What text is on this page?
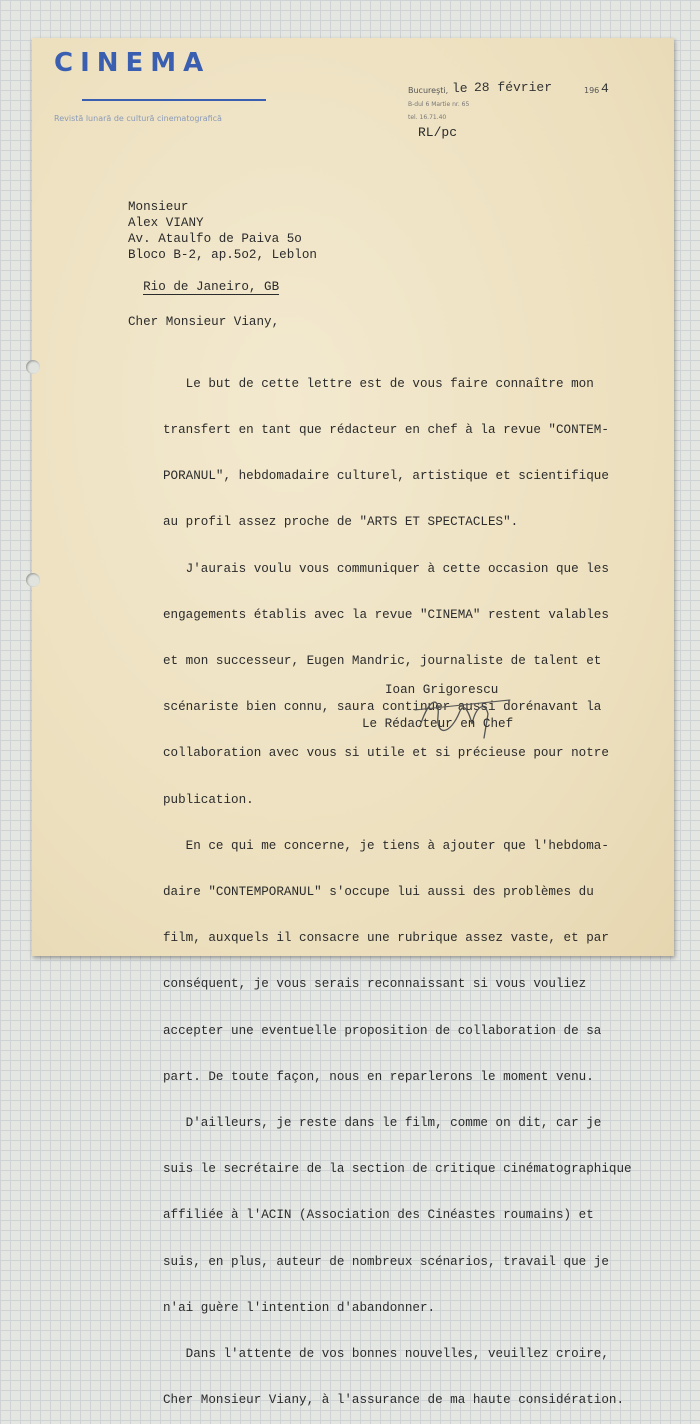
CINEMA
Revistă lunară de cultură cinematografică
Bucureşti, le 28 février	196 4
B-dul 6 Martie nr. 65
tel. 16.71.40
RL/pc
Monsieur
Alex VIANY
Av. Ataulfo de Paiva 5o
Bloco B-2, ap.5o2, Leblon

Rio de Janeiro, GB

Cher Monsieur Viany,

Le but de cette lettre est de vous faire connaître mon

transfert en tant que rédacteur en chef à la revue "CONTEM-

PORANUL", hebdomadaire culturel, artistique et scientifique

au profil assez proche de "ARTS ET SPECTACLES".

J'aurais voulu vous communiquer à cette occasion que les

engagements établis avec la revue "CINEMA" restent valables

et mon successeur, Eugen Mandric, journaliste de talent et

scénariste bien connu, saura continuer aussi dorénavant la

collaboration avec vous si utile et si précieuse pour notre

publication.

En ce qui me concerne, je tiens à ajouter que l'hebdoma-

daire "CONTEMPORANUL" s'occupe lui aussi des problèmes du

film, auxquels il consacre une rubrique assez vaste, et par

conséquent, je vous serais reconnaissant si vous vouliez

accepter une eventuelle proposition de collaboration de sa

part. De toute façon, nous en reparlerons le moment venu.

D'ailleurs, je reste dans le film, comme on dit, car je

suis le secrétaire de la section de critique cinématographique

affiliée à l'ACIN (Association des Cinéastes roumains) et

suis, en plus, auteur de nombreux scénarios, travail que je

n'ai guère l'intention d'abandonner.

Dans l'attente de vos bonnes nouvelles, veuillez croire,

Cher Monsieur Viany, à l'assurance de ma haute considération.

Ioan Grigorescu
Le Rédacteur en Chef
